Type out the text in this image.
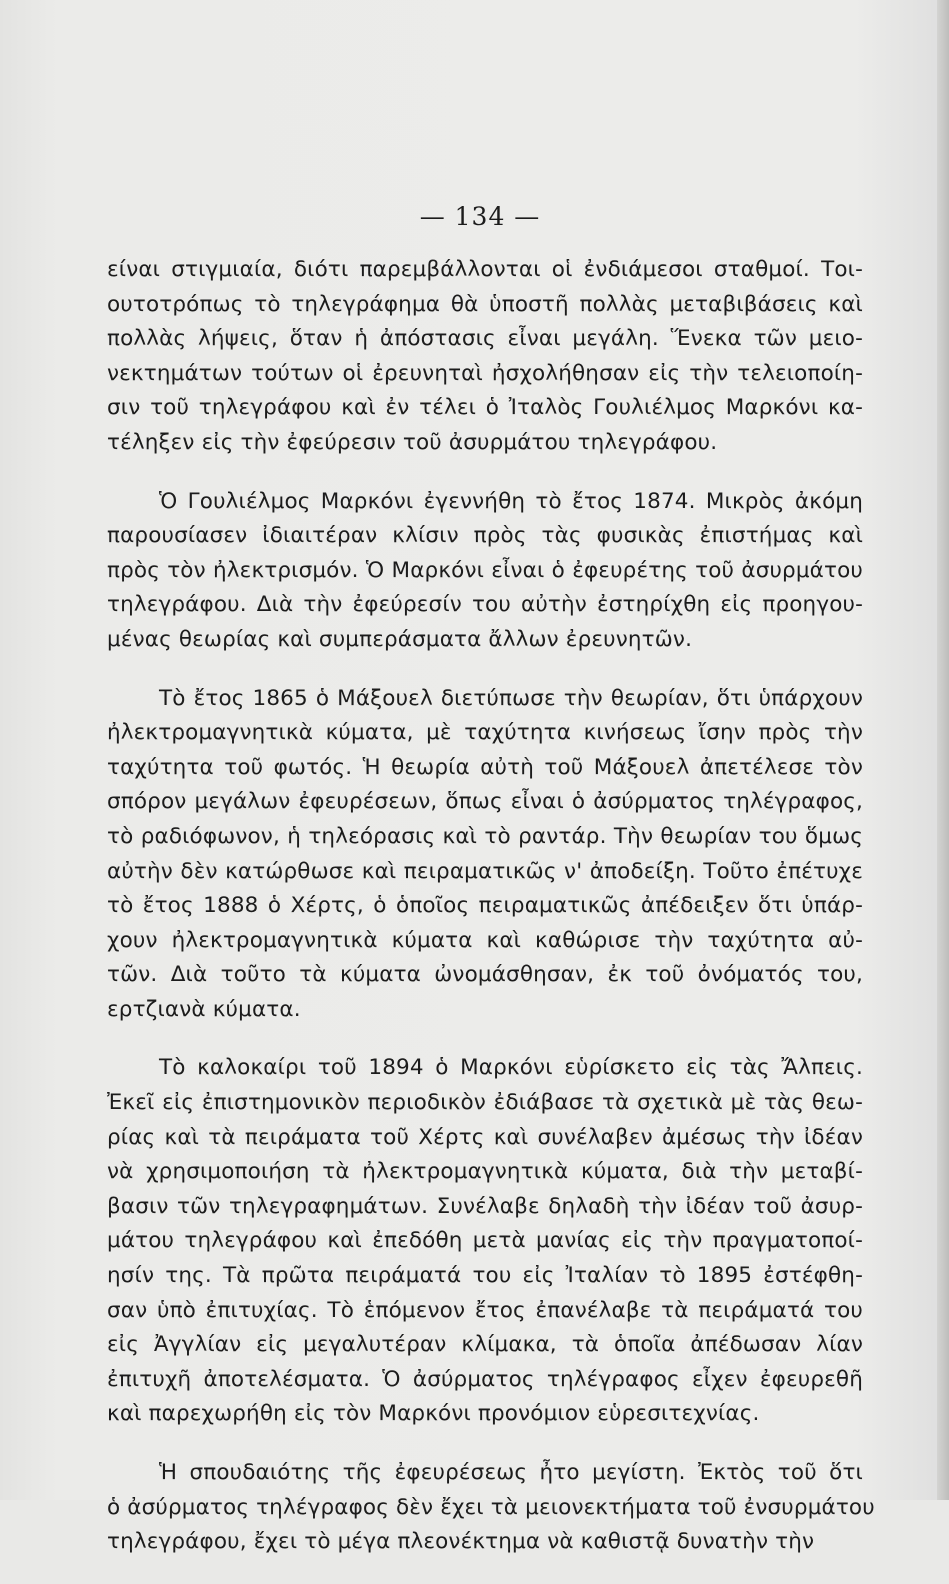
— 134 —
είναι στιγμιαία, διότι παρεμβάλλονται οἱ ἐνδιάμεσοι σταθμοί. Τοι-
ουτοτρόπως τὸ τηλεγράφημα θὰ ὑποστῆ πολλὰς μεταβιβάσεις καὶ
πολλὰς λήψεις, ὅταν ἡ ἀπόστασις εἶναι μεγάλη. Ἕνεκα τῶν μειο-
νεκτημάτων τούτων οἱ ἐρευνηταὶ ἠσχολήθησαν εἰς τὴν τελειοποίη-
σιν τοῦ τηλεγράφου καὶ ἐν τέλει ὁ Ἰταλὸς Γουλιέλμος Μαρκόνι κα-
τέληξεν εἰς τὴν ἐφεύρεσιν τοῦ ἀσυρμάτου τηλεγράφου.
Ὁ Γουλιέλμος Μαρκόνι ἐγεννήθη τὸ ἔτος 1874. Μικρὸς ἀκόμη
παρουσίασεν ἰδιαιτέραν κλίσιν πρὸς τὰς φυσικὰς ἐπιστήμας καὶ
πρὸς τὸν ἠλεκτρισμόν. Ὁ Μαρκόνι εἶναι ὁ ἐφευρέτης τοῦ ἀσυρμάτου
τηλεγράφου. Διὰ τὴν ἐφεύρεσίν του αὐτὴν ἐστηρίχθη εἰς προηγου-
μένας θεωρίας καὶ συμπεράσματα ἄλλων ἐρευνητῶν.
Τὸ ἔτος 1865 ὁ Μάξουελ διετύπωσε τὴν θεωρίαν, ὅτι ὑπάρχουν
ἠλεκτρομαγνητικὰ κύματα, μὲ ταχύτητα κινήσεως ἴσην πρὸς τὴν
ταχύτητα τοῦ φωτός. Ἡ θεωρία αὐτὴ τοῦ Μάξουελ ἀπετέλεσε τὸν
σπόρον μεγάλων ἐφευρέσεων, ὅπως εἶναι ὁ ἀσύρματος τηλέγραφος,
τὸ ραδιόφωνον, ἡ τηλεόρασις καὶ τὸ ραντάρ. Τὴν θεωρίαν του ὅμως
αὐτὴν δὲν κατώρθωσε καὶ πειραματικῶς ν' ἀποδείξη. Τοῦτο ἐπέτυχε
τὸ ἔτος 1888 ὁ Χέρτς, ὁ ὁποῖος πειραματικῶς ἀπέδειξεν ὅτι ὑπάρ-
χουν ἠλεκτρομαγνητικὰ κύματα καὶ καθώρισε τὴν ταχύτητα αὐ-
τῶν. Διὰ τοῦτο τὰ κύματα ὠνομάσθησαν, ἐκ τοῦ ὀνόματός του,
ερτζιανὰ κύματα.
Τὸ καλοκαίρι τοῦ 1894 ὁ Μαρκόνι εὑρίσκετο εἰς τὰς Ἄλπεις.
Ἐκεῖ εἰς ἐπιστημονικὸν περιοδικὸν ἐδιάβασε τὰ σχετικὰ μὲ τὰς θεω-
ρίας καὶ τὰ πειράματα τοῦ Χέρτς καὶ συνέλαβεν ἀμέσως τὴν ἰδέαν
νὰ χρησιμοποιήση τὰ ἠλεκτρομαγνητικὰ κύματα, διὰ τὴν μεταβί-
βασιν τῶν τηλεγραφημάτων. Συνέλαβε δηλαδὴ τὴν ἰδέαν τοῦ ἀσυρ-
μάτου τηλεγράφου καὶ ἐπεδόθη μετὰ μανίας εἰς τὴν πραγματοποί-
ησίν της. Τὰ πρῶτα πειράματά του εἰς Ἰταλίαν τὸ 1895 ἐστέφθη-
σαν ὑπὸ ἐπιτυχίας. Τὸ ἑπόμενον ἔτος ἐπανέλαβε τὰ πειράματά του
εἰς Ἀγγλίαν εἰς μεγαλυτέραν κλίμακα, τὰ ὁποῖα ἀπέδωσαν λίαν
ἐπιτυχῆ ἀποτελέσματα. Ὁ ἀσύρματος τηλέγραφος εἶχεν ἐφευρεθῆ
καὶ παρεχωρήθη εἰς τὸν Μαρκόνι προνόμιον εὑρεσιτεχνίας.
Ἡ σπουδαιότης τῆς ἐφευρέσεως ἦτο μεγίστη. Ἐκτὸς τοῦ ὅτι
ὁ ἀσύρματος τηλέγραφος δὲν ἔχει τὰ μειονεκτήματα τοῦ ἐνσυρμάτου
τηλεγράφου, ἔχει τὸ μέγα πλεονέκτημα νὰ καθιστᾷ δυνατὴν τὴν
